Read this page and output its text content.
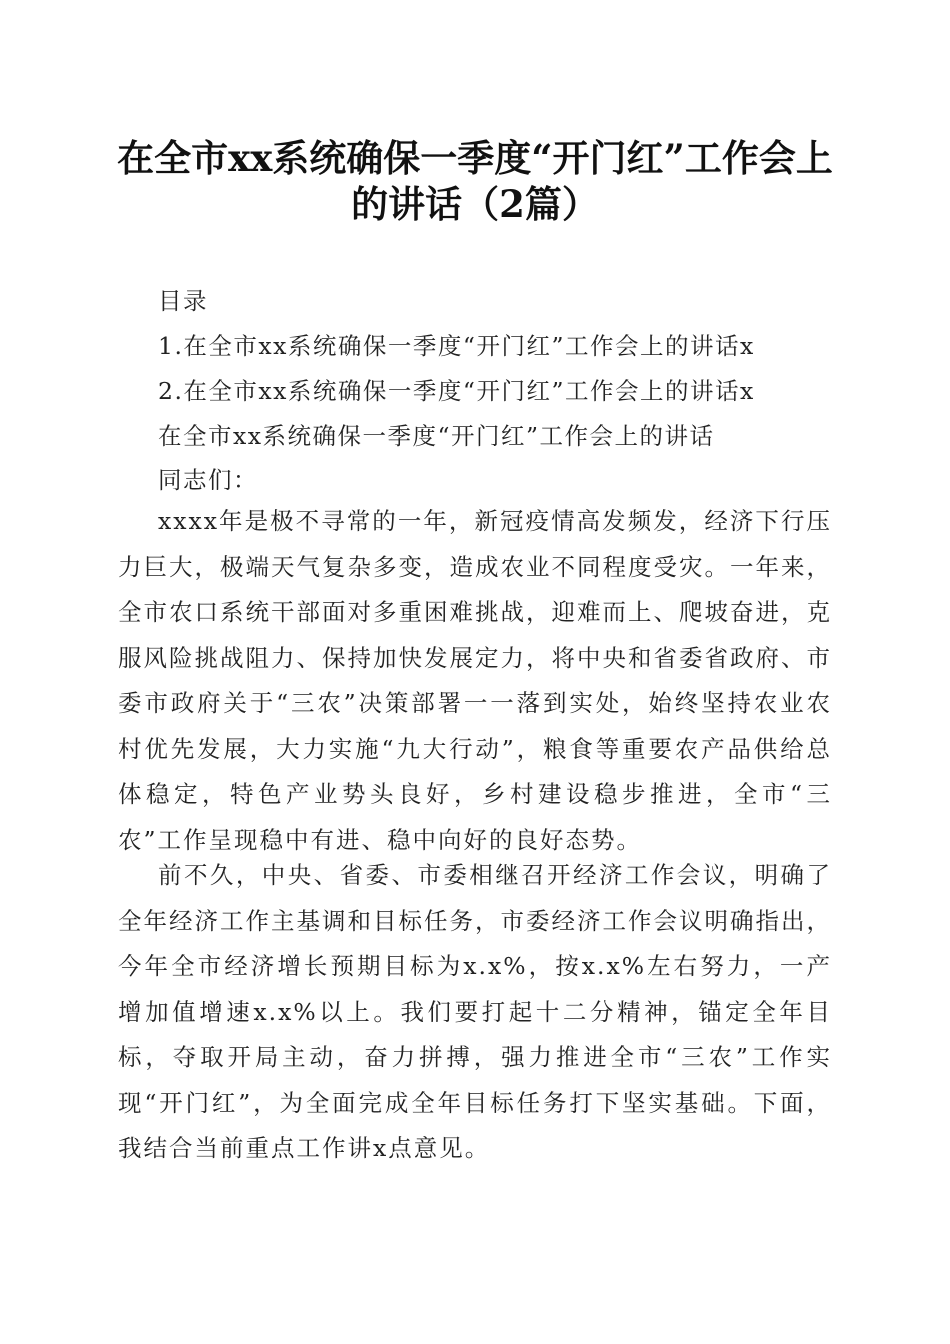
在全市xx系统确保一季度“开门红”工作会上的讲话（2篇）

目录

1.在全市xx系统确保一季度“开门红”工作会上的讲话x

2.在全市xx系统确保一季度“开门红”工作会上的讲话x

在全市xx系统确保一季度“开门红”工作会上的讲话

同志们：

xxxx年是极不寻常的一年，新冠疫情高发频发，经济下行压力巨大，极端天气复杂多变，造成农业不同程度受灾。一年来，全市农口系统干部面对多重困难挑战，迎难而上、爬坡奋进，克服风险挑战阻力、保持加快发展定力，将中央和省委省政府、市委市政府关于“三农”决策部署一一落到实处，始终坚持农业农村优先发展，大力实施“九大行动”，粮食等重要农产品供给总体稳定，特色产业势头良好，乡村建设稳步推进，全市“三农”工作呈现稳中有进、稳中向好的良好态势。

前不久，中央、省委、市委相继召开经济工作会议，明确了全年经济工作主基调和目标任务，市委经济工作会议明确指出，今年全市经济增长预期目标为x.x%，按x.x%左右努力，一产增加值增速x.x%以上。我们要打起十二分精神，锚定全年目标，夺取开局主动，奋力拼搏，强力推进全市“三农”工作实现“开门红”，为全面完成全年目标任务打下坚实基础。下面，我结合当前重点工作讲x点意见。
